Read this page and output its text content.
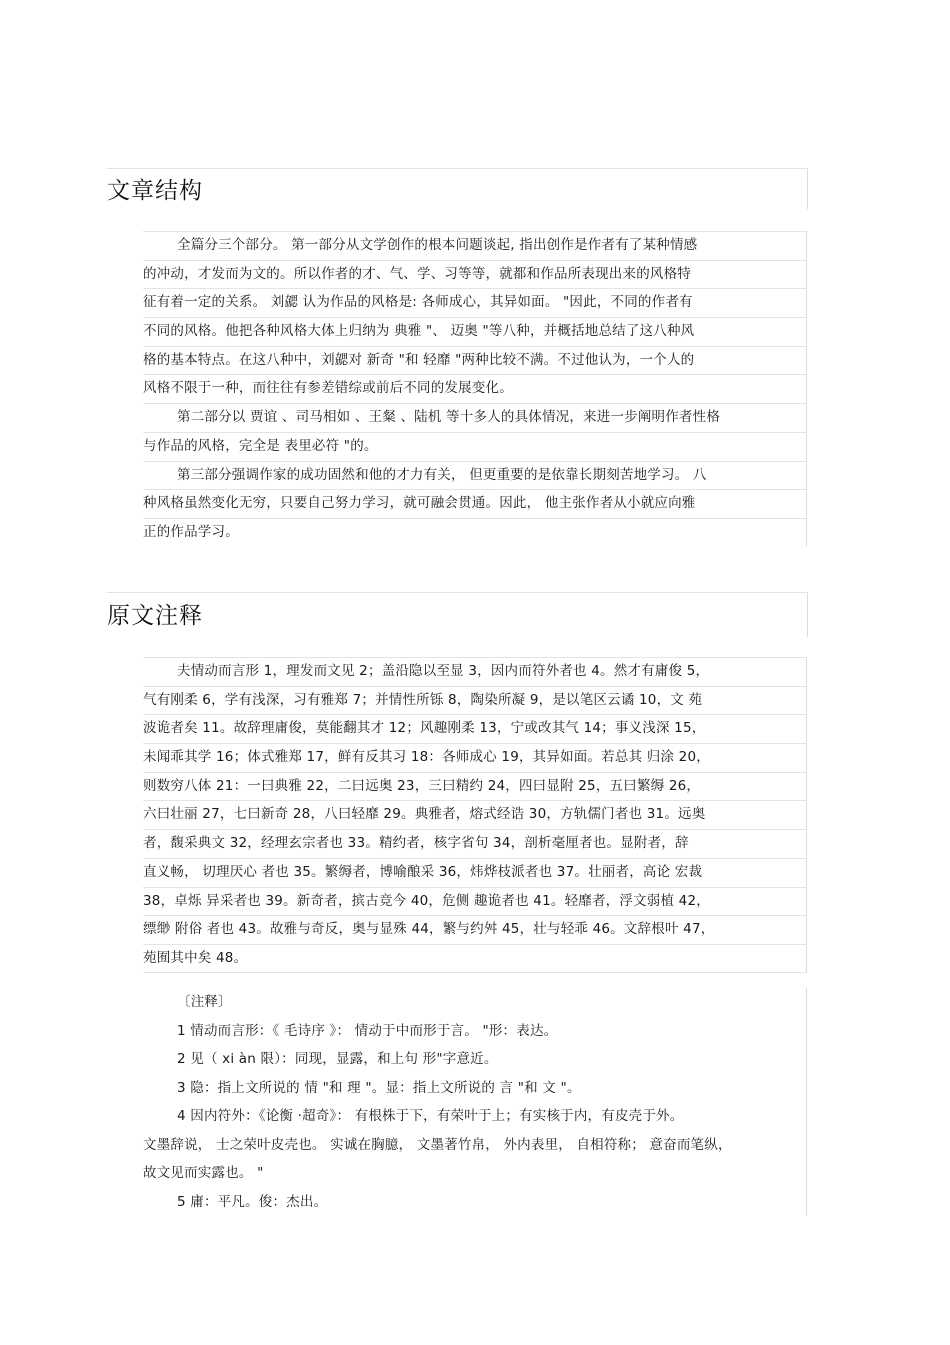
文章结构
全篇分三个部分。 第一部分从文学创作的根本问题谈起, 指出创作是作者有了某种情感
的冲动，才发而为文的。所以作者的才、气、学、习等等，就都和作品所表现出来的风格特
征有着一定的关系。 刘勰 认为作品的风格是: 各师成心，其异如面。 "因此，不同的作者有
不同的风格。他把各种风格大体上归纳为 典雅 "、 迈奥 "等八种，并概括地总结了这八种风
格的基本特点。在这八种中，刘勰对 新奇 "和 轻靡 "两种比较不满。不过他认为，一个人的
风格不限于一种，而往往有参差错综或前后不同的发展变化。
第二部分以 贾谊 、司马相如 、王粲 、陆机 等十多人的具体情况，来进一步阐明作者性格
与作品的风格，完全是 表里必符 "的。
第三部分强调作家的成功固然和他的才力有关， 但更重要的是依靠长期刻苦地学习。 八
种风格虽然变化无穷，只要自己努力学习，就可融会贯通。因此， 他主张作者从小就应向雅
正的作品学习。
原文注释
夫情动而言形 1，理发而文见 2；盖沿隐以至显 3，因内而符外者也 4。然才有庸俊 5，
气有刚柔 6，学有浅深，习有雅郑 7；并情性所铄 8，陶染所凝 9，是以笔区云谲 10，文 苑
波诡者矣 11。故辞理庸俊，莫能翻其才 12；风趣刚柔 13，宁或改其气 14；事义浅深 15，
未闻乖其学 16；体式雅郑 17，鲜有反其习 18：各师成心 19，其异如面。若总其 归涂 20，
则数穷八体 21：一曰典雅 22，二曰远奥 23，三曰精约 24，四曰显附 25，五曰繁缛 26，
六曰壮丽 27，七曰新奇 28，八曰轻靡 29。典雅者，熔式经诰 30，方轨儒门者也 31。远奥
者，馥采典文 32，经理玄宗者也 33。精约者，核字省句 34，剖析毫厘者也。显附者，辞
直义畅， 切理厌心 者也 35。繁缛者，博喻酿采 36，炜烨枝派者也 37。壮丽者，高论 宏裁
38，卓烁 异采者也 39。新奇者，摈古竞今 40，危侧 趣诡者也 41。轻靡者，浮文弱植 42，
缥缈 附俗 者也 43。故雅与奇反，奥与显殊 44，繁与约舛 45，壮与轻乖 46。文辞根叶 47，
苑囿其中矣 48。
〔注释〕
1 情动而言形：《 毛诗序 》： 情动于中而形于言。 "形：表达。
2 见（ xi àn 限）：同现，显露，和上句 形"字意近。
3 隐：指上文所说的 情 "和 理 "。显：指上文所说的 言 "和 文 "。
4 因内符外：《论衡 ·超奇》： 有根株于下，有荣叶于上；有实核于内，有皮壳于外。
文墨辞说， 士之荣叶皮壳也。 实诚在胸臆， 文墨著竹帛， 外内表里， 自相符称； 意奋而笔纵，
故文见而实露也。 "
5 庸：平凡。俊：杰出。
